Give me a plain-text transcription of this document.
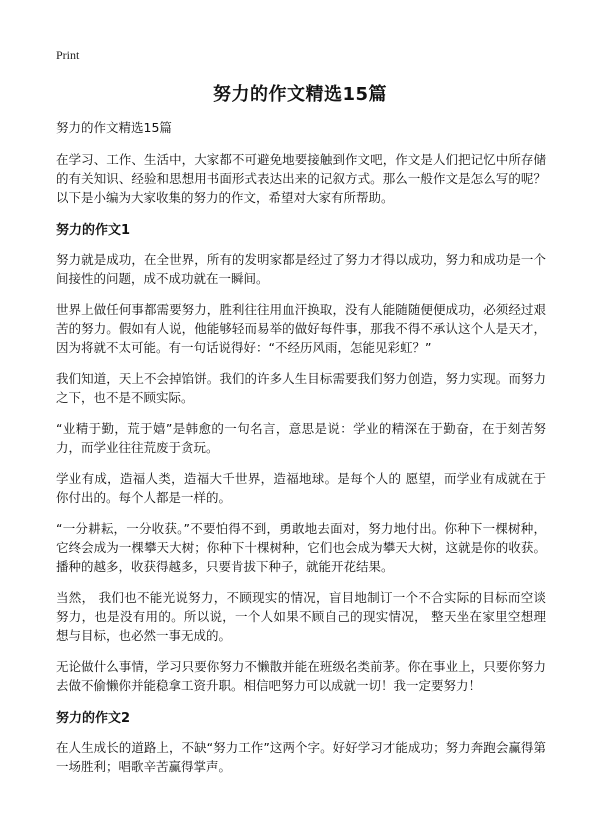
Print
努力的作文精选15篇
努力的作文精选15篇

在学习、工作、生活中，大家都不可避免地要接触到作文吧，作文是人们把记忆中所存储的有关知识、经验和思想用书面形式表达出来的记叙方式。那么一般作文是怎么写的呢？以下是小编为大家收集的努力的作文，希望对大家有所帮助。

努力的作文1

努力就是成功，在全世界，所有的发明家都是经过了努力才得以成功，努力和成功是一个间接性的问题，成不成功就在一瞬间。

世界上做任何事都需要努力，胜利往往用血汗换取，没有人能随随便便成功，必须经过艰苦的努力。假如有人说，他能够轻而易举的做好每件事，那我不得不承认这个人是天才，因为将就不太可能。有一句话说得好：“不经历风雨，怎能见彩虹？”

我们知道，天上不会掉馅饼。我们的许多人生目标需要我们努力创造，努力实现。而努力之下，也不是不顾实际。

“业精于勤，荒于嬉”是韩愈的一句名言，意思是说：学业的精深在于勤奋，在于刻苦努力，而学业往往荒废于贪玩。

学业有成，造福人类，造福大千世界，造福地球。是每个人的 愿望，而学业有成就在于你付出的。每个人都是一样的。

“一分耕耘，一分收获。”不要怕得不到，勇敢地去面对，努力地付出。你种下一棵树种，它终会成为一棵攀天大树；你种下十棵树种，它们也会成为攀天大树，这就是你的收获。播种的越多，收获得越多，只要肯拔下种子，就能开花结果。

当然， 我们也不能光说努力，不顾现实的情况，盲目地制订一个不合实际的目标而空谈努力，也是没有用的。所以说，一个人如果不顾自己的现实情况， 整天坐在家里空想理想与目标，也必然一事无成的。

无论做什么事情，学习只要你努力不懒散并能在班级名类前茅。你在事业上，只要你努力去做不偷懒你并能稳拿工资升职。相信吧努力可以成就一切！我一定要努力！

努力的作文2

在人生成长的道路上，不缺“努力工作”这两个字。好好学习才能成功；努力奔跑会赢得第一场胜利；唱歌辛苦赢得掌声。
